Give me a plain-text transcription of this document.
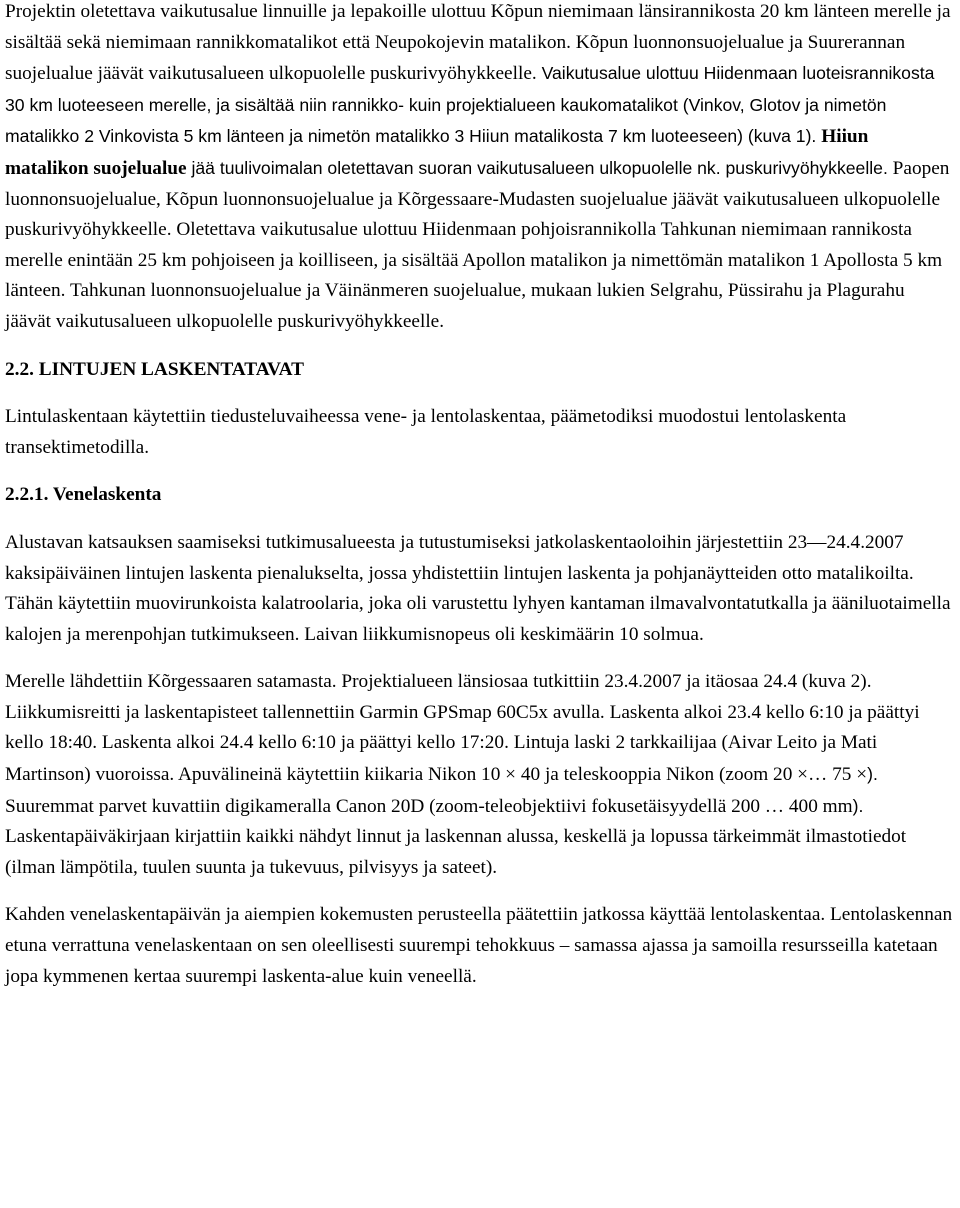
Projektin oletettava vaikutusalue linnuille ja lepakoille ulottuu Kõpun niemimaan länsirannikosta 20 km länteen merelle ja sisältää sekä niemimaan rannikkomatalikot että Neupokojevin matalikon. Kõpun luonnonsuojelualue ja Suurerannan suojelualue jäävät vaikutusalueen ulkopuolelle puskurivyöhykkeelle. Vaikutusalue ulottuu Hiidenmaan luoteisrannikosta 30 km luoteeseen merelle, ja sisältää niin rannikko- kuin projektialueen kaukomatalikot (Vinkov, Glotov ja nimetön matalikko 2 Vinkovista 5 km länteen ja nimetön matalikko 3 Hiiun matalikosta 7 km luoteeseen) (kuva 1). Hiiun matalikon suojelualue jää tuulivoimalan oletettavan suoran vaikutusalueen ulkopuolelle nk. puskurivyöhykkeelle. Paopen luonnonsuojelualue, Kõpun luonnonsuojelualue ja Kõrgessaare-Mudasten suojelualue jäävät vaikutusalueen ulkopuolelle puskurivyöhykkeelle. Oletettava vaikutusalue ulottuu Hiidenmaan pohjoisrannikolla Tahkunan niemimaan rannikosta merelle enintään 25 km pohjoiseen ja koilliseen, ja sisältää Apollon matalikon ja nimettömän matalikon 1 Apollosta 5 km länteen. Tahkunan luonnonsuojelualue ja Väinänmeren suojelualue, mukaan lukien Selgrahu, Püssirahu ja Plagurahu jäävät vaikutusalueen ulkopuolelle puskurivyöhykkeelle.

2.2. LINTUJEN LASKENTATAVAT

Lintulaskentaan käytettiin tiedusteluvaiheessa vene- ja lentolaskentaa, päämetodiksi muodostui lentolaskenta transektimetodilla.

2.2.1. Venelaskenta

Alustavan katsauksen saamiseksi tutkimusalueesta ja tutustumiseksi jatkolaskentaoloihin järjestettiin 23—24.4.2007 kaksipäiväinen lintujen laskenta pienalukselta, jossa yhdistettiin lintujen laskenta ja pohjanäytteiden otto matalikoilta. Tähän käytettiin muovirunkoista kalatroolaria, joka oli varustettu lyhyen kantaman ilmavalvontatutkalla ja ääniluotaimella kalojen ja merenpohjan tutkimukseen. Laivan liikkumisnopeus oli keskimäärin 10 solmua.

Merelle lähdettiin Kõrgessaaren satamasta. Projektialueen länsiosaa tutkittiin 23.4.2007 ja itäosaa 24.4 (kuva 2). Liikkumisreitti ja laskentapisteet tallennettiin Garmin GPSmap 60C5x avulla. Laskenta alkoi 23.4 kello 6:10 ja päättyi kello 18:40. Laskenta alkoi 24.4 kello 6:10 ja päättyi kello 17:20. Lintuja laski 2 tarkkailijaa (Aivar Leito ja Mati Martinson) vuoroissa. Apuvälineinä käytettiin kiikaria Nikon 10 × 40 ja teleskooppia Nikon (zoom 20 ×… 75 ×). Suuremmat parvet kuvattiin digikameralla Canon 20D (zoom-teleobjektiivi fokusetäisyydellä 200 … 400 mm). Laskentapäiväkirjaan kirjattiin kaikki nähdyt linnut ja laskennan alussa, keskellä ja lopussa tärkeimmät ilmastotiedot (ilman lämpötila, tuulen suunta ja tukevuus, pilvisyys ja sateet).

Kahden venelaskentapäivän ja aiempien kokemusten perusteella päätettiin jatkossa käyttää lentolaskentaa. Lentolaskennan etuna verrattuna venelaskentaan on sen oleellisesti suurempi tehokkuus – samassa ajassa ja samoilla resursseilla katetaan jopa kymmenen kertaa suurempi laskenta-alue kuin veneellä.
